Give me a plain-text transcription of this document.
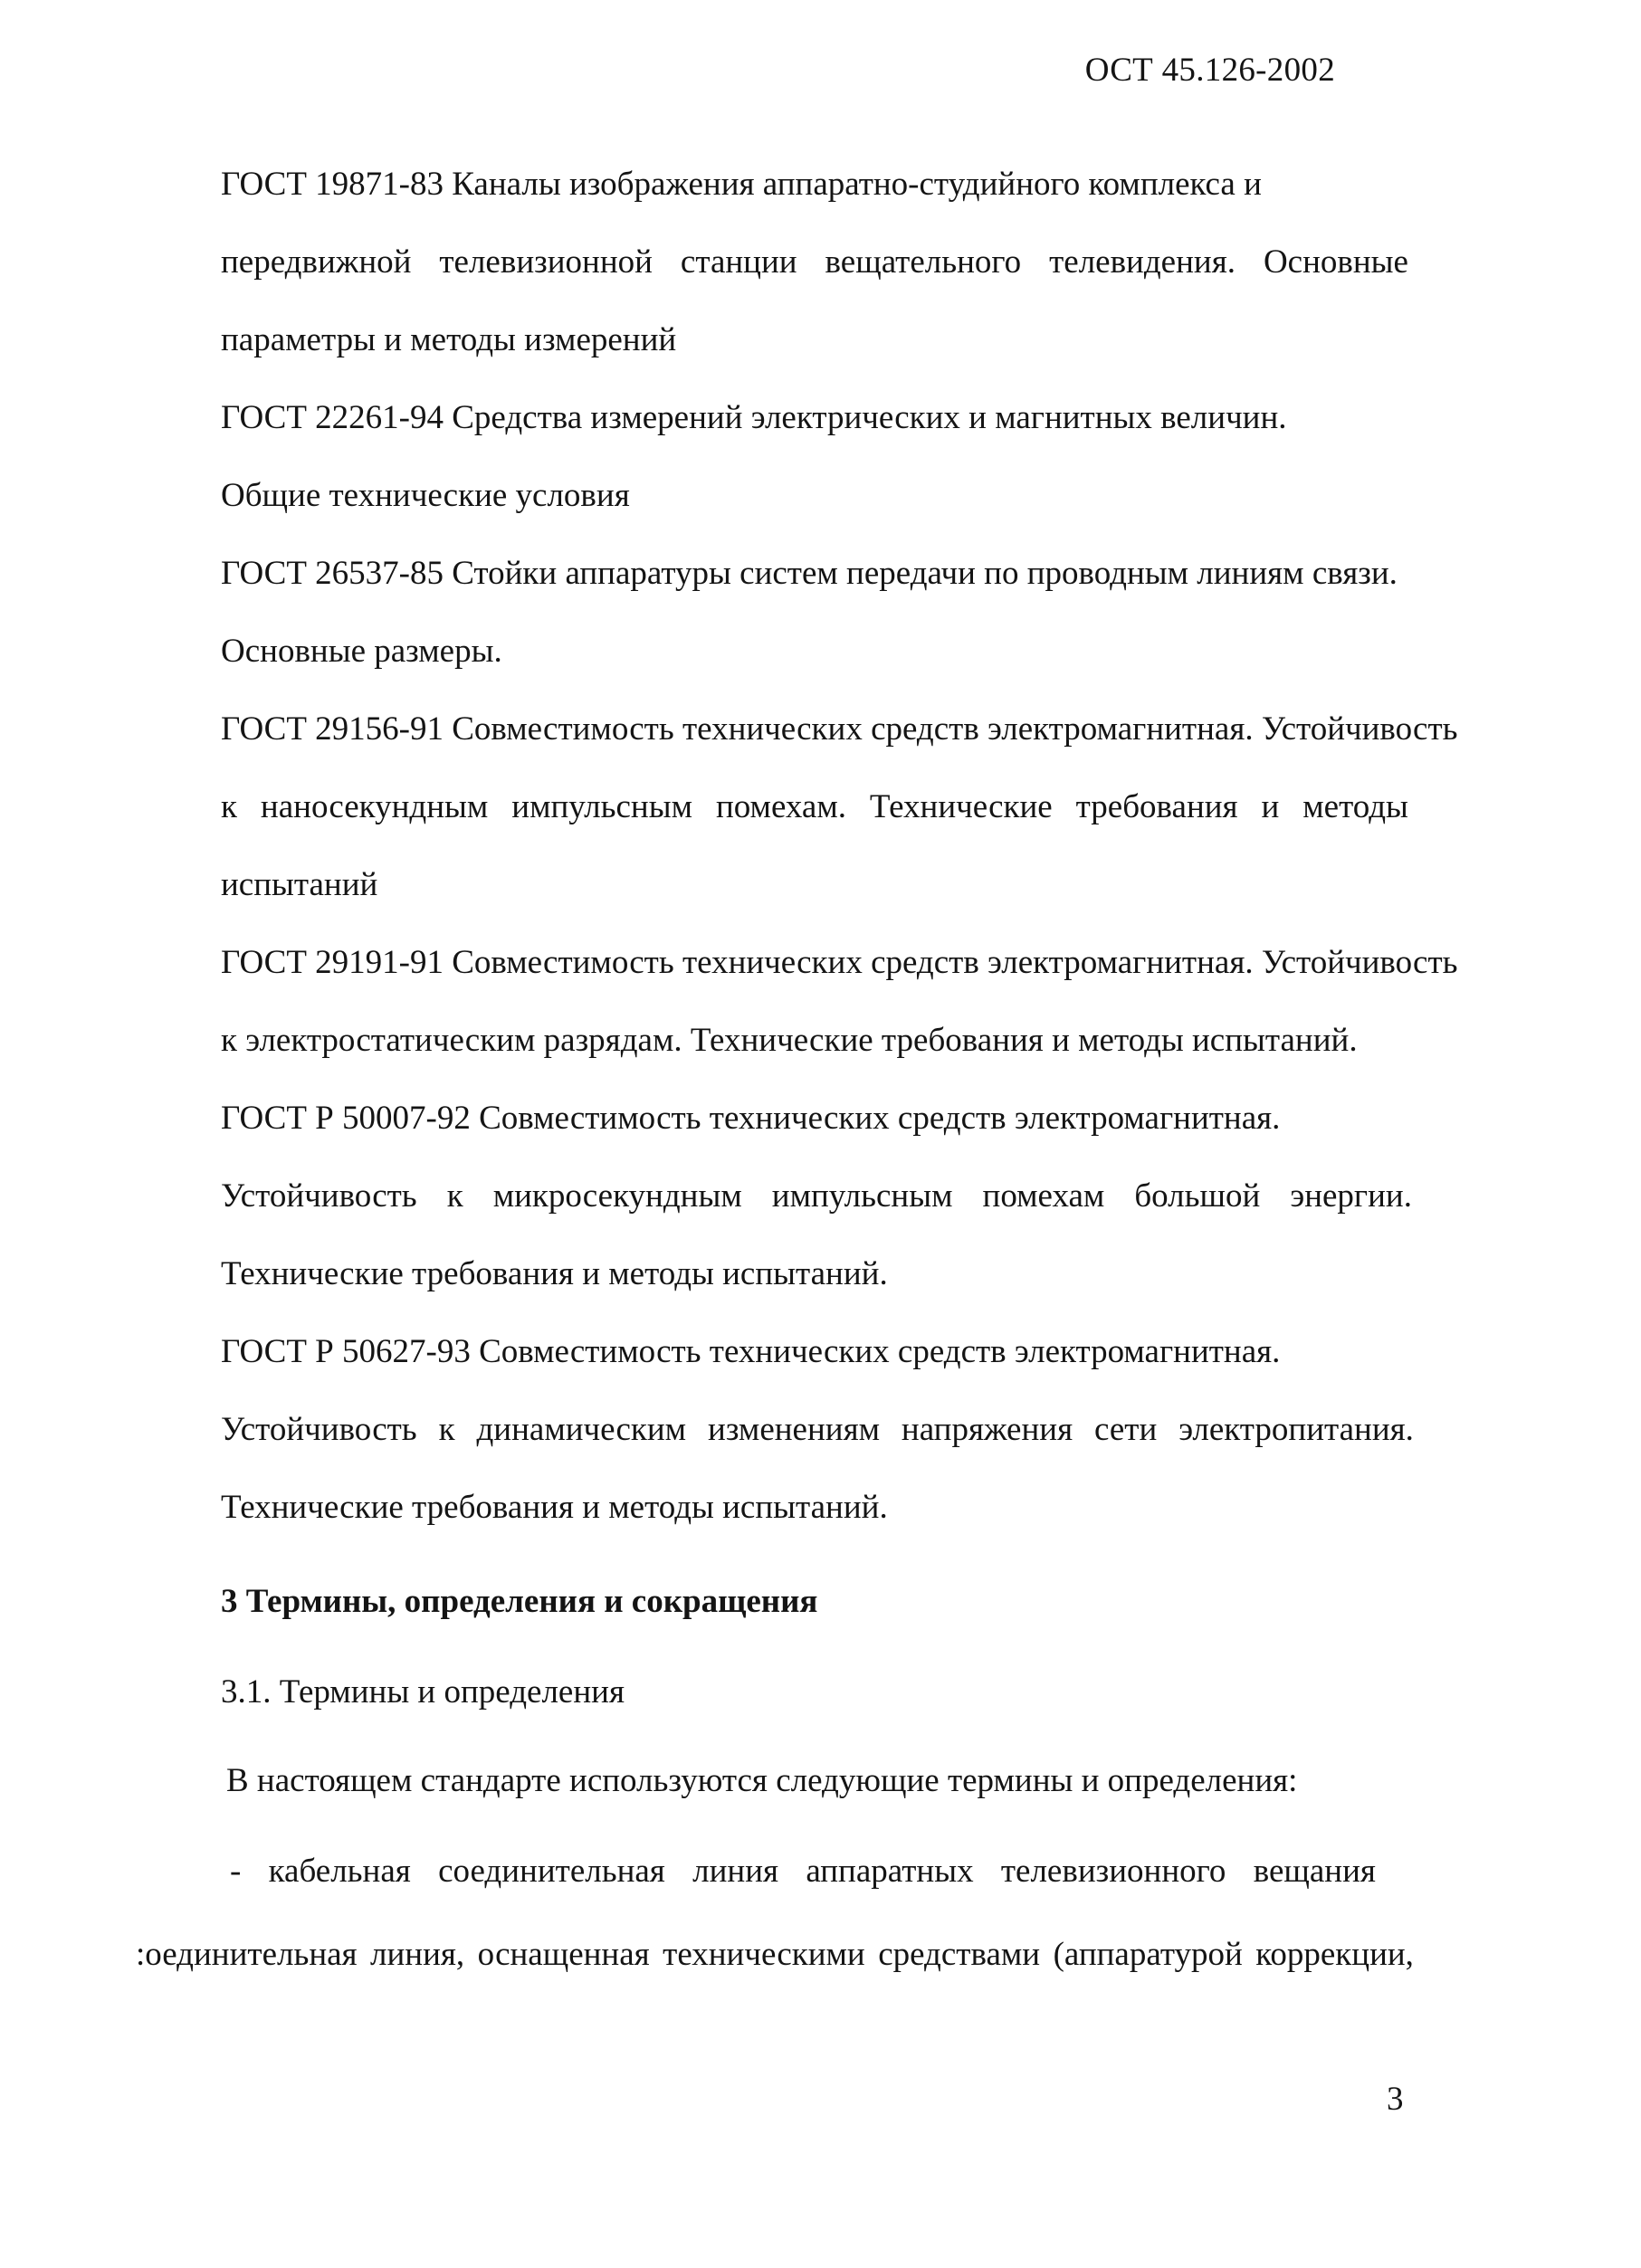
ОСТ 45.126-2002
ГОСТ 19871-83 Каналы изображения аппаратно-студийного комплекса и
передвижной телевизионной станции вещательного телевидения. Основные
параметры и методы измерений
ГОСТ 22261-94 Средства измерений электрических и магнитных величин.
Общие технические условия
ГОСТ 26537-85 Стойки аппаратуры систем передачи по проводным линиям связи.
Основные размеры.
ГОСТ 29156-91 Совместимость технических средств электромагнитная. Устойчивость
к наносекундным импульсным помехам. Технические требования и методы
испытаний
ГОСТ 29191-91 Совместимость технических средств электромагнитная. Устойчивость
к электростатическим разрядам. Технические требования и методы испытаний.
ГОСТ Р 50007-92 Совместимость технических средств электромагнитная.
Устойчивость к микросекундным импульсным помехам большой энергии.
Технические требования и методы испытаний.
ГОСТ Р 50627-93 Совместимость технических средств электромагнитная.
Устойчивость к динамическим изменениям напряжения сети электропитания.
Технические требования и методы испытаний.
3 Термины, определения и сокращения
3.1. Термины и определения
В настоящем стандарте используются следующие термины и определения:
- кабельная соединительная линия аппаратных телевизионного вещания
:оединительная линия, оснащенная техническими средствами (аппаратурой коррекции,
3
